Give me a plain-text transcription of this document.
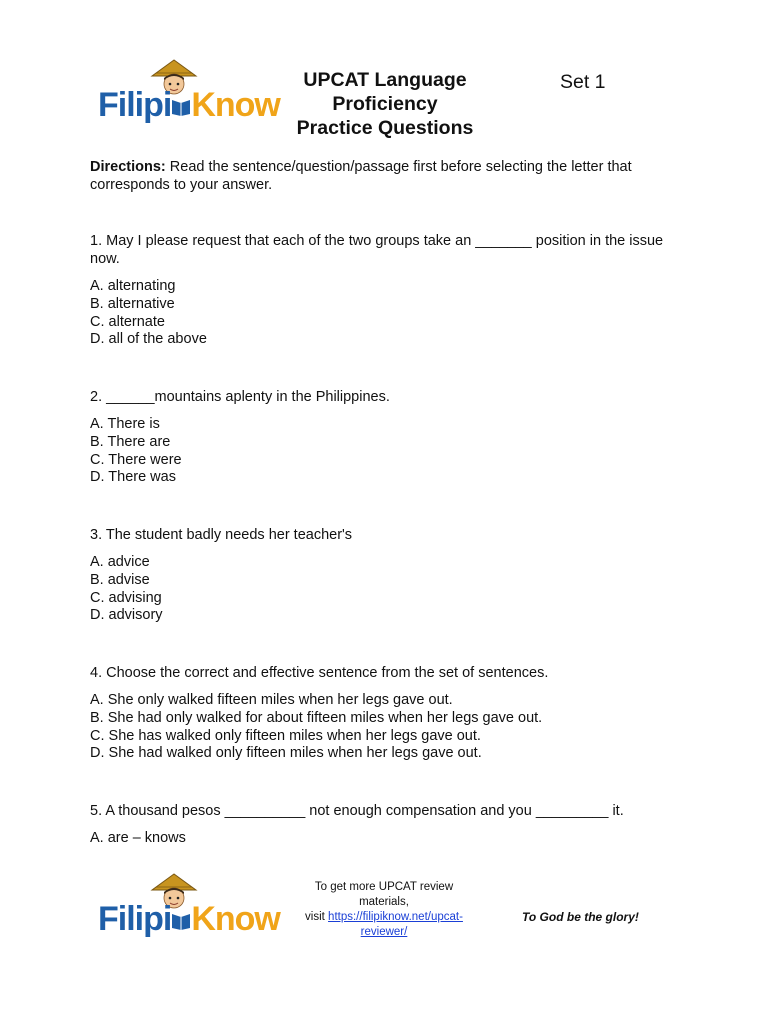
Filipi Know
UPCAT Language
Proficiency
Practice Questions
Set 1
Directions: Read the sentence/question/passage first before selecting the letter that corresponds to your answer.

1. May I please request that each of the two groups take an _______ position in the issue now.

A. alternating

B. alternative

C. alternate

D. all of the above

2. ______mountains aplenty in the Philippines.

A. There is

B. There are

C. There were

D. There was

3. The student badly needs her teacher's

A. advice

B. advise

C. advising

D. advisory

4. Choose the correct and effective sentence from the set of sentences.

A. She only walked fifteen miles when her legs gave out.

B. She had only walked for about fifteen miles when her legs gave out.

C. She has walked only fifteen miles when her legs gave out.

D. She had walked only fifteen miles when her legs gave out.

5. A thousand pesos __________ not enough compensation and you _________ it.

A. are – knows

Filipi Know
To get more UPCAT review materials,
visit https://filipiknow.net/upcat-reviewer/
To God be the glory!
